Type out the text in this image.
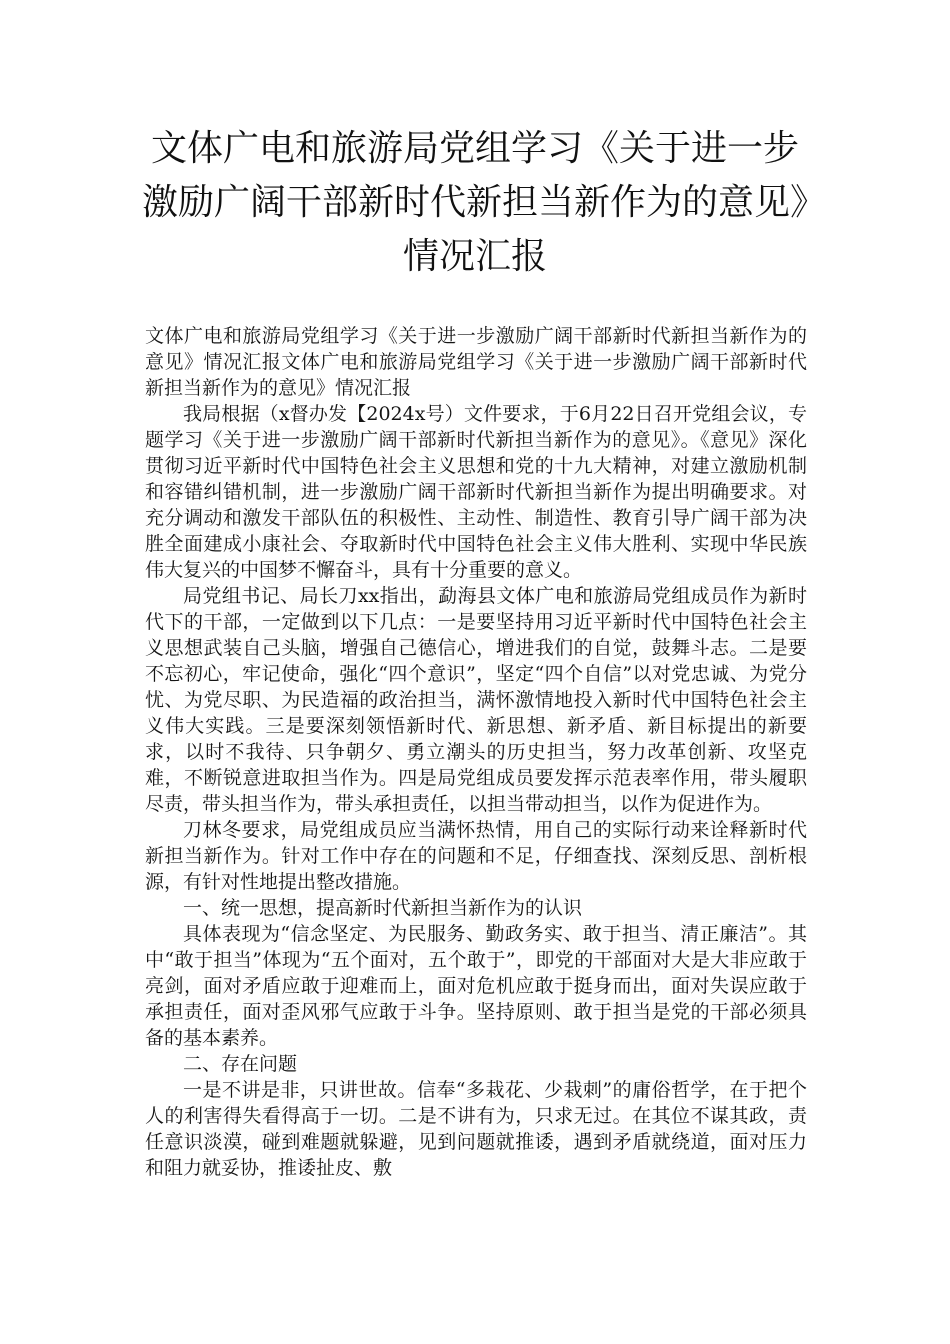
文体广电和旅游局党组学习《关于进一步激励广阔干部新时代新担当新作为的意见》情况汇报

文体广电和旅游局党组学习《关于进一步激励广阔干部新时代新担当新作为的意见》情况汇报文体广电和旅游局党组学习《关于进一步激励广阔干部新时代新担当新作为的意见》情况汇报

我局根据（x督办发【2024x号）文件要求，于6月22日召开党组会议，专题学习《关于进一步激励广阔干部新时代新担当新作为的意见》。《意见》深化贯彻习近平新时代中国特色社会主义思想和党的十九大精神，对建立激励机制和容错纠错机制，进一步激励广阔干部新时代新担当新作为提出明确要求。对充分调动和激发干部队伍的积极性、主动性、制造性、教育引导广阔干部为决胜全面建成小康社会、夺取新时代中国特色社会主义伟大胜利、实现中华民族伟大复兴的中国梦不懈奋斗，具有十分重要的意义。

局党组书记、局长刀xx指出，勐海县文体广电和旅游局党组成员作为新时代下的干部，一定做到以下几点：一是要坚持用习近平新时代中国特色社会主义思想武装自己头脑，增强自己德信心，增进我们的自觉，鼓舞斗志。二是要不忘初心，牢记使命，强化“四个意识”，坚定“四个自信”以对党忠诚、为党分忧、为党尽职、为民造福的政治担当，满怀激情地投入新时代中国特色社会主义伟大实践。三是要深刻领悟新时代、新思想、新矛盾、新目标提出的新要求，以时不我待、只争朝夕、勇立潮头的历史担当，努力改革创新、攻坚克难，不断锐意进取担当作为。四是局党组成员要发挥示范表率作用，带头履职尽责，带头担当作为，带头承担责任，以担当带动担当，以作为促进作为。

刀林冬要求，局党组成员应当满怀热情，用自己的实际行动来诠释新时代新担当新作为。针对工作中存在的问题和不足，仔细查找、深刻反思、剖析根源，有针对性地提出整改措施。

一、统一思想，提高新时代新担当新作为的认识

具体表现为“信念坚定、为民服务、勤政务实、敢于担当、清正廉洁”。其中“敢于担当”体现为“五个面对，五个敢于”，即党的干部面对大是大非应敢于亮剑，面对矛盾应敢于迎难而上，面对危机应敢于挺身而出，面对失误应敢于承担责任，面对歪风邪气应敢于斗争。坚持原则、敢于担当是党的干部必须具备的基本素养。

二、存在问题

一是不讲是非，只讲世故。信奉“多栽花、少栽刺”的庸俗哲学，在于把个人的利害得失看得高于一切。二是不讲有为，只求无过。在其位不谋其政，责任意识淡漠，碰到难题就躲避，见到问题就推诿，遇到矛盾就绕道，面对压力和阻力就妥协，推诿扯皮、敷
